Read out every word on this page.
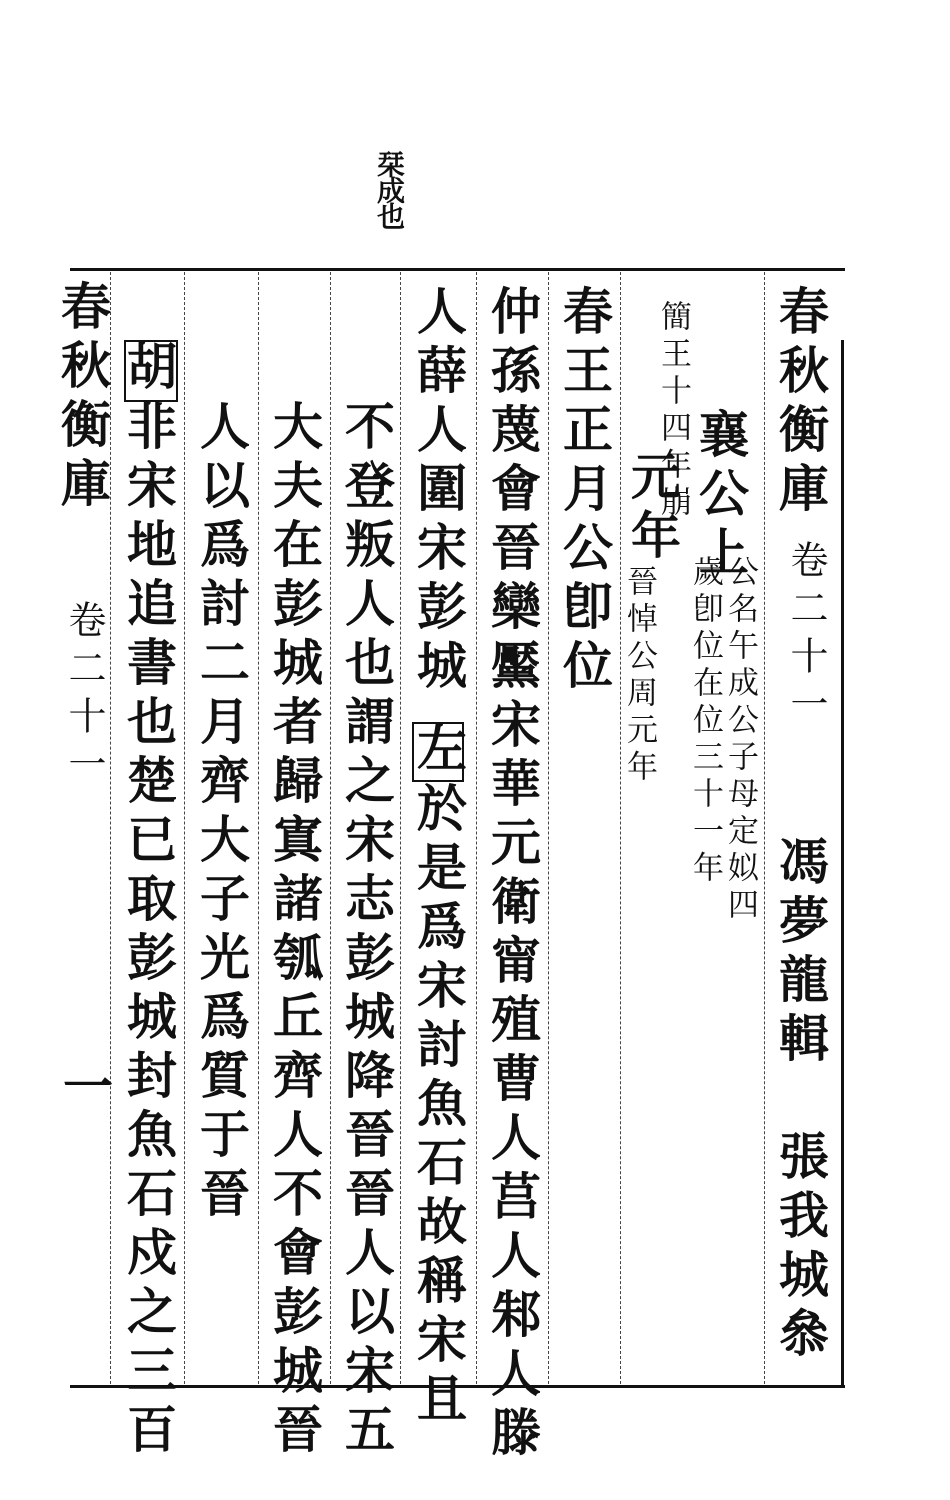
栞成也
春秋衡庫
卷二十一
馮夢龍輯　張我城叅
襄公上
公名午成公子母定姒四
歲卽位在位三十一年
簡王十四年崩
元年
晉悼公周元年
春王正月公卽位
仲孫蔑會晉欒黶宋華元衛甯殖曹人莒人邾人滕
人薛人圍宋彭城
左
於是爲宋討魚石故稱宋且
不登叛人也謂之宋志彭城降晉晉人以宋五
大夫在彭城者歸寘諸瓠丘齊人不會彭城晉
人以爲討二月齊大子光爲質于晉
胡
非宋地追書也楚已取彭城封魚石戍之三百
春秋衡庫
卷二十一
一
